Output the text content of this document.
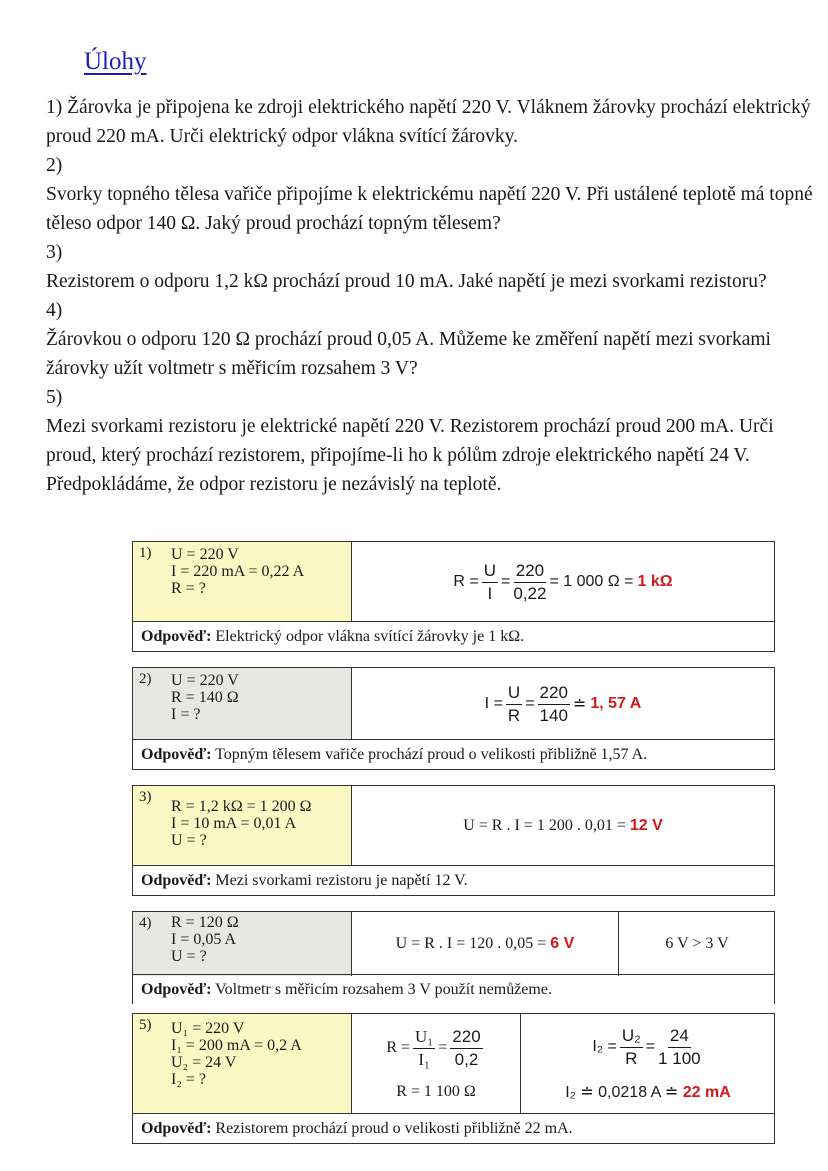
Úlohy

1) Žárovka je připojena ke zdroji elektrického napětí 220 V. Vláknem žárovky prochází elektrický proud 220 mA. Urči elektrický odpor vlákna svítící žárovky.

2)

Svorky topného tělesa vařiče připojíme k elektrickému napětí 220 V. Při ustálené teplotě má topné těleso odpor 140 Ω. Jaký proud prochází topným tělesem?

3)

Rezistorem o odporu 1,2 kΩ prochází proud 10 mA. Jaké napětí je mezi svorkami rezistoru?

4)

Žárovkou o odporu 120 Ω prochází proud 0,05 A. Můžeme ke změření napětí mezi svorkami žárovky užít voltmetr s měřicím rozsahem 3 V?

5)

Mezi svorkami rezistoru je elektrické napětí 220 V. Rezistorem prochází proud 200 mA. Urči proud, který prochází rezistorem, připojíme-li ho k pólům zdroje elektrického napětí 24 V. Předpokládáme, že odpor rezistoru je nezávislý na teplotě.

1) U = 220 V
I = 220 mA = 0,22 A
R = ?	$R = \frac{U}{I} = \frac{220}{0,22} = 1$ 000 Ω =
1 kΩ
Odpověď: Elektrický odpor vlákna svítící žárovky je 1 kΩ.
2) U = 220 V
R = 140 Ω
I = ?
$I = \frac{U}{R} = \frac{220}{140}$ ≐
1, 57 A
Odpověď: Topným tělesem vařiče prochází proud o velikosti přibližně 1,57 A.
3)
R = 1,2 kΩ = 1 200 Ω
I = 10 mA = 0,01 A
U = ?
U = R . I = 1 200 . 0,01 =
12 V
Odpověď: Mezi svorkami rezistoru je napětí 12 V.
4) R = 120 Ω
I = 0,05 A
U = ?
U = R . I = 120 . 0,05 =
6 V	6 V > 3 V
Odpověď: Voltmetr s měřicím rozsahem 3 V použít nemůžeme.
5) U₁ = 220 V
I₁ = 200 mA = 0,2 A
U₂ = 24 V
I₂ = ?
$R = \frac{\text{U₁}}{\text{I₁}} = \frac{220}{0,2}$
R = 1 100 Ω
$I_2 = \frac{\text{U₂}}{R} = \frac{24}{1 100}$
I₂ ≐ 0,0218 A ≐ 22 mA
Odpověď: Rezistorem prochází proud o velikosti přibližně 22 mA.
